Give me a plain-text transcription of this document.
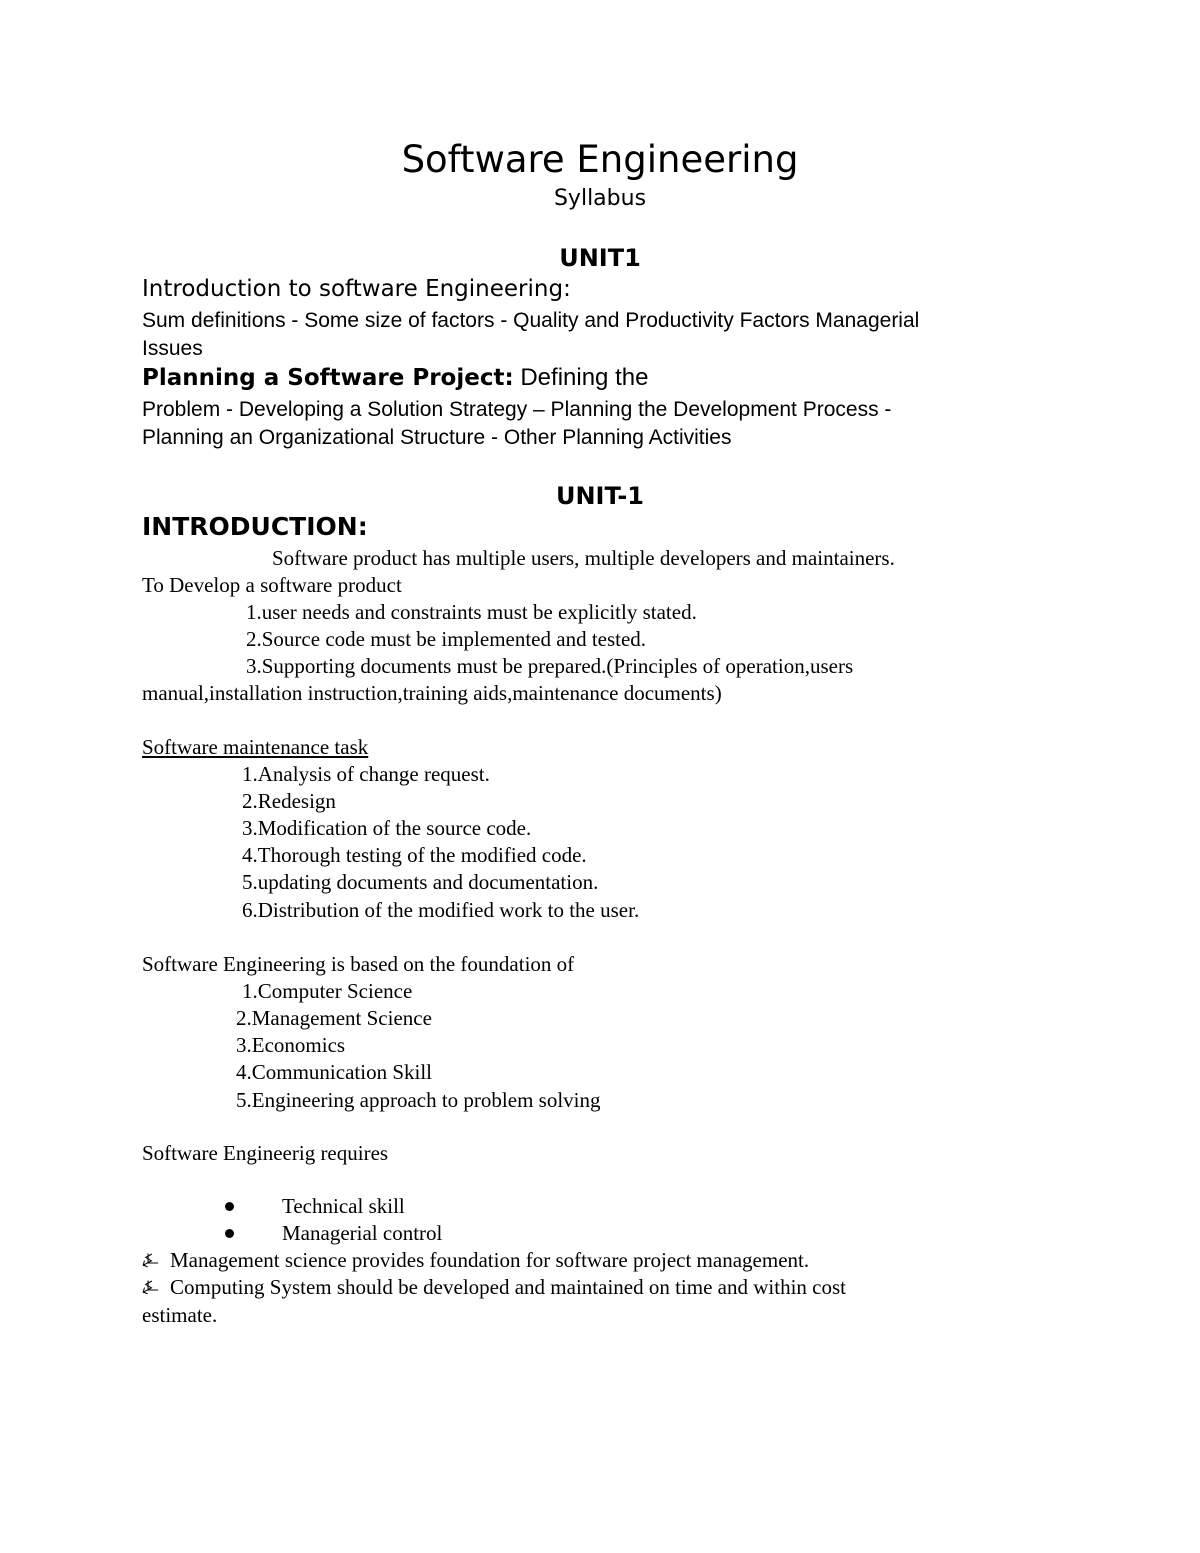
Software Engineering
Syllabus
UNIT1
Introduction to software Engineering:
Sum definitions - Some size of factors - Quality and Productivity Factors Managerial
Issues
Planning a Software Project: Defining the
Problem - Developing a Solution Strategy – Planning the Development Process -
Planning an Organizational Structure - Other Planning Activities
UNIT-1
INTRODUCTION:
Software product has multiple users, multiple developers and maintainers.
To Develop a software product
1.user needs and constraints must be explicitly stated.
2.Source code must be implemented and tested.
3.Supporting documents must be prepared.(Principles of operation,users
manual,installation instruction,training aids,maintenance documents)
Software maintenance task
1.Analysis of change request.
2.Redesign
3.Modification of the source code.
4.Thorough testing of the modified code.
5.updating documents and documentation.
6.Distribution of the modified work to the user.
Software Engineering is based on the foundation of
1.Computer Science
2.Management Science
3.Economics
4.Communication Skill
5.Engineering approach to problem solving
Software Engineerig requires
Technical skill
Managerial control
⍼ Management science provides foundation for software project management.
⍼ Computing System should be developed and maintained on time and within cost
estimate.
